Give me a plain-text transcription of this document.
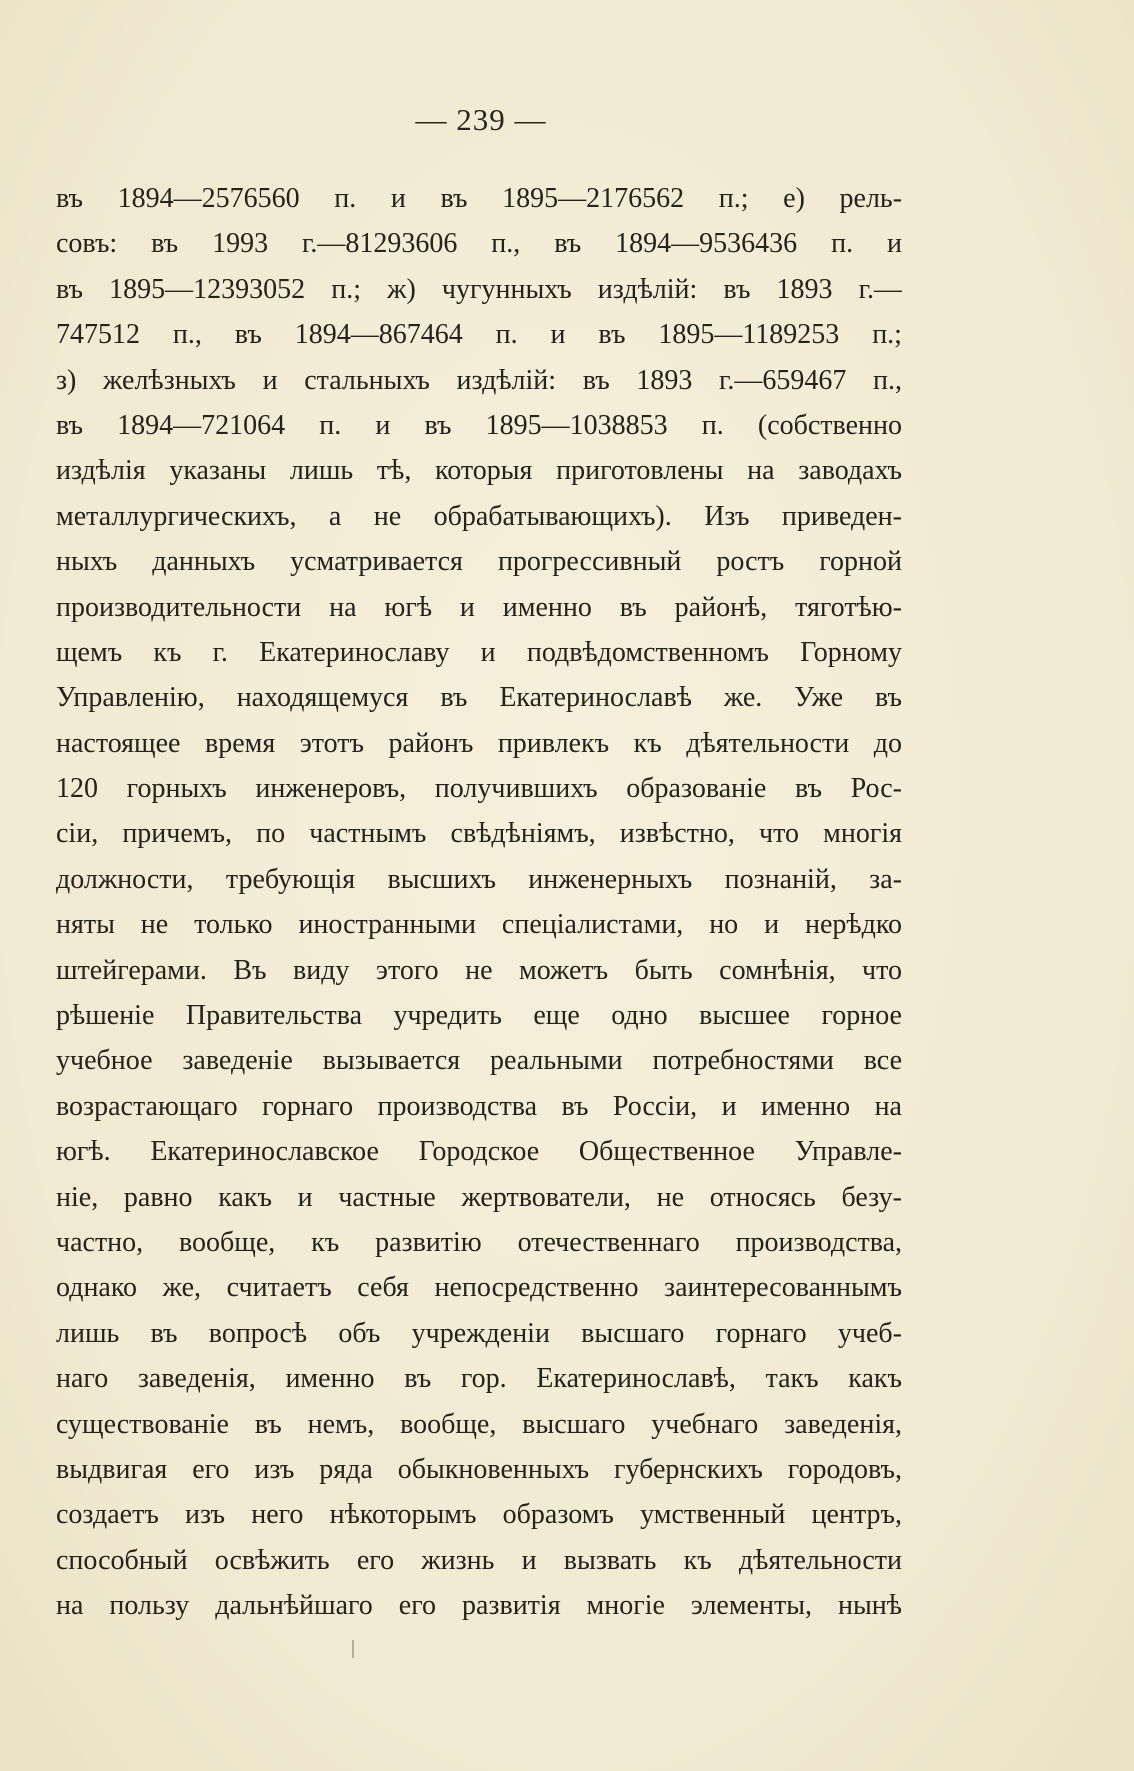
— 239 —
въ 1894—2576560 п. и въ 1895—2176562 п.; е) рель-
совъ: въ 1993 г.—81293606 п., въ 1894—9536436 п. и
въ 1895—12393052 п.; ж) чугунныхъ издѣлій: въ 1893 г.—
747512 п., въ 1894—867464 п. и въ 1895—1189253 п.;
з) желѣзныхъ и стальныхъ издѣлій: въ 1893 г.—659467 п.,
въ 1894—721064 п. и въ 1895—1038853 п. (собственно
издѣлія указаны лишь тѣ, которыя приготовлены на заводахъ
металлургическихъ, а не обрабатывающихъ). Изъ приведен-
ныхъ данныхъ усматривается прогрессивный ростъ горной
производительности на югѣ и именно въ районѣ, тяготѣю-
щемъ къ г. Екатеринославу и подвѣдомственномъ Горному
Управленію, находящемуся въ Екатеринославѣ же. Уже въ
настоящее время этотъ районъ привлекъ къ дѣятельности до
120 горныхъ инженеровъ, получившихъ образованіе въ Рос-
сіи, причемъ, по частнымъ свѣдѣніямъ, извѣстно, что многія
должности, требующія высшихъ инженерныхъ познаній, за-
няты не только иностранными спеціалистами, но и нерѣдко
штейгерами. Въ виду этого не можетъ быть сомнѣнія, что
рѣшеніе Правительства учредить еще одно высшее горное
учебное заведеніе вызывается реальными потребностями все
возрастающаго горнаго производства въ Россіи, и именно на
югѣ. Екатеринославское Городское Общественное Управле-
ніе, равно какъ и частные жертвователи, не относясь безу-
частно, вообще, къ развитію отечественнаго производства,
однако же, считаетъ себя непосредственно заинтересованнымъ
лишь въ вопросѣ объ учрежденіи высшаго горнаго учеб-
наго заведенія, именно въ гор. Екатеринославѣ, такъ какъ
существованіе въ немъ, вообще, высшаго учебнаго заведенія,
выдвигая его изъ ряда обыкновенныхъ губернскихъ городовъ,
создаетъ изъ него нѣкоторымъ образомъ умственный центръ,
способный освѣжить его жизнь и вызвать къ дѣятельности
на пользу дальнѣйшаго его развитія многіе элементы, нынѣ
